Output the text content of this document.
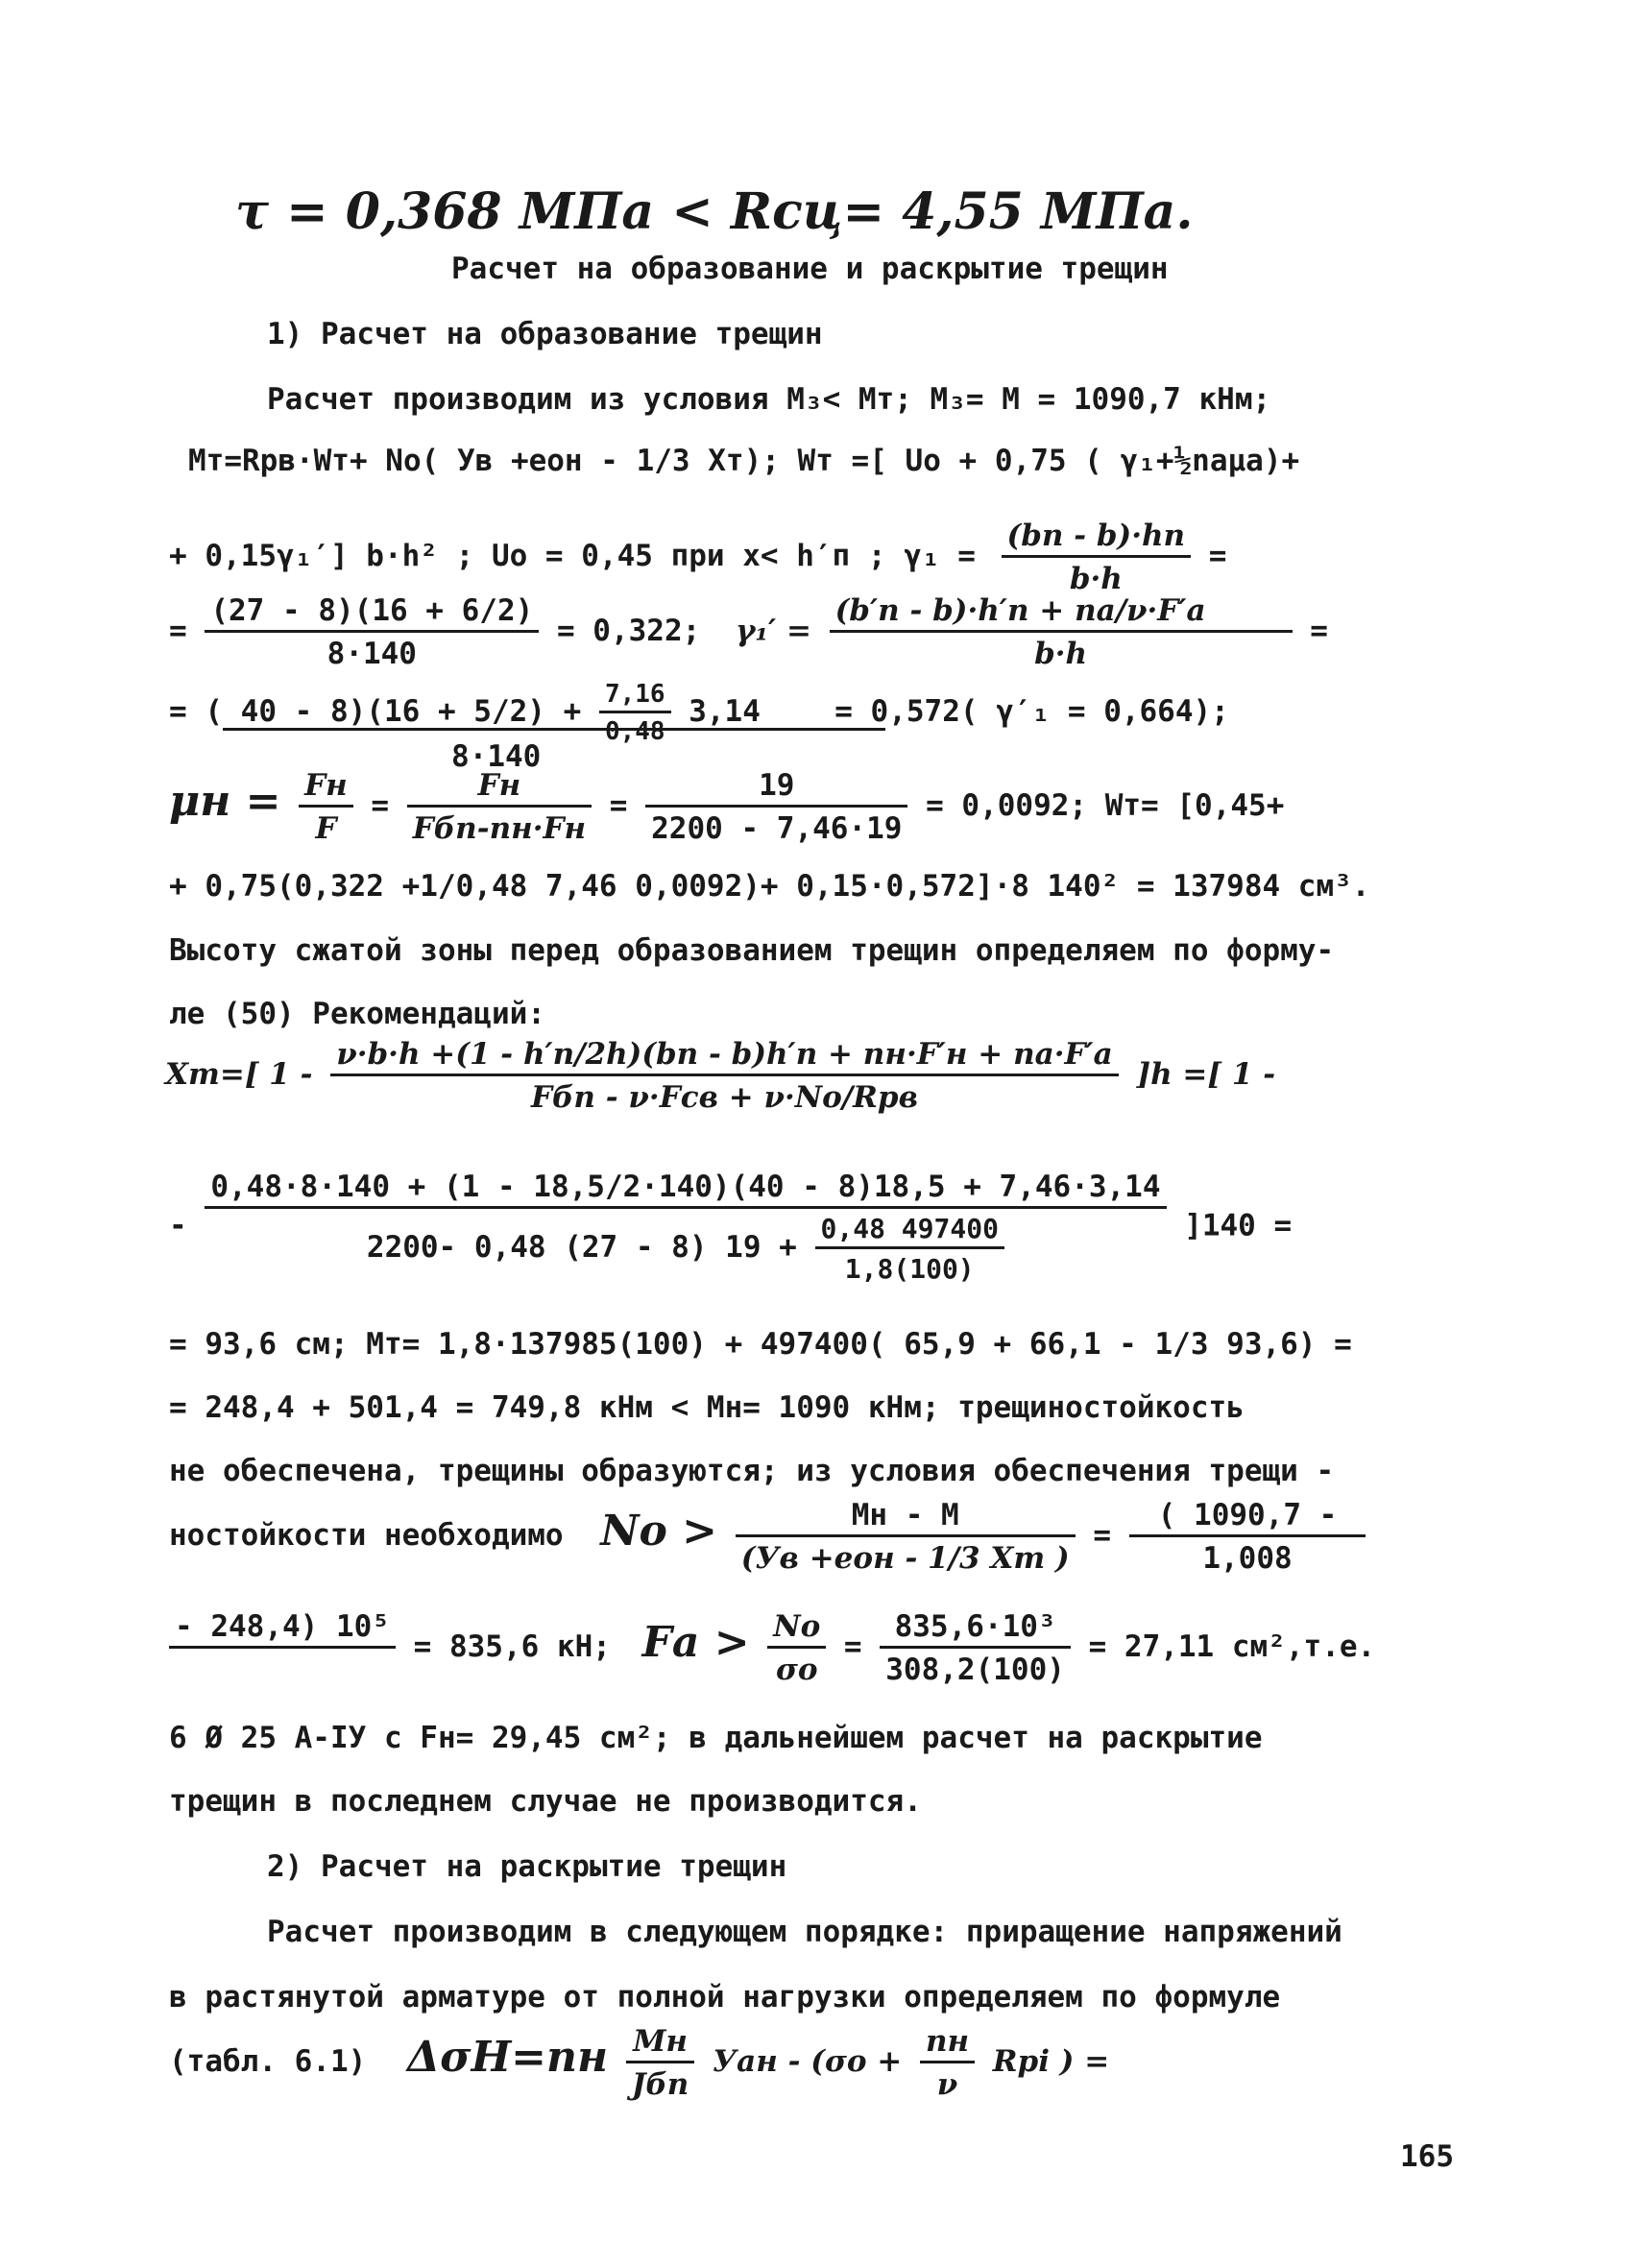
τ = 0,368 МПа < Rсц= 4,55 МПа.
Расчет на образование и раскрытие трещин
1) Расчет на образование трещин
Расчет производим из условия М₃< Мт; М₃= М = 1090,7 кНм;
Мт=Rрв·Wт+ Nо( Ув +eон - 1/3 Хт); Wт =[ Uо + 0,75 ( γ₁+½nаμа)+
+ 0,15γ₁′] b·h² ; Uо = 0,45 при x< h′п ; $\gamma_1 = \frac{(bп - b)\cdot hп}{b\cdot h}$ =
= $\frac{(27 - 8)(16 + 6/2)}{8\cdot 140} = 0,322$; $\gamma_1' = \frac{(b'п - b)\cdot h'п + nа/\nu\cdot F'а}{b\cdot h}$ =
= ( $40 - 8)(16 + 5/2) + \frac{7,16}{0,48} 3,14 = 0,572$( γ′₁ = 0,664);
8·140
$\mu н = \frac{Fн}{F} = \frac{Fн}{\text{Fбп-nн·Fн}} = \frac{19}{2200 - 7,46\cdot 19} = 0,0092$; Wт= [0,45+
+ 0,75(0,322 +1/0,48 7,46 0,0092)+ 0,15·0,572]·8 140² = 137984 см³.
Высоту сжатой зоны перед образованием трещин определяем по форму-
ле (50) Рекомендаций:
Хт=[ $1 - \frac{\nu\cdot b\cdot h +(1 - h'п/2h)(bп - b)h'п + nн\cdot F'н + nа\cdot F'а}{\text{Fбп - ν·Fсв + ν·Nо/Rрв}} ]h$ =[ 1 -
-
0,48·8·140 + (1 - 18,5/2·140)(40 - 8)18,5 + 7,46·3,14
2200- 0,48 (27 - 8) $19 + \frac{0,48 497400}{1,8(100)}$	]140 =
= 93,6 см; Мт= 1,8·137985(100) + 497400( 65,9 + 66,1 - 1/3 93,6) =
= 248,4 + 501,4 = 749,8 кНм < Мн= 1090 кНм; трещиностойкость
не обеспечена, трещины образуются; из условия обеспечения трещи -
ностойкости необходимо Nо > $\frac{Мн - М}{\text{(Ув +eон - 1/3 Хт )}} = \frac{( 1090,7 -}{1,008}$
- 248,4) 10⁵

= 835,6 кН; Fа > $\frac{Nо}{\sigma о} = \frac{\text{835,6·10³}}{308,2(100)} = 27,11$ см²,т.е.
6 Ø 25 А-IУ с Fн= 29,45 см²; в дальнейшем расчет на раскрытие
трещин в последнем случае не производится.
2) Расчет на раскрытие трещин
Расчет производим в следующем порядке: приращение напряжений
в растянутой арматуре от полной нагрузки определяем по формуле
(табл. 6.1) $\Delta\sigma Н=nн \frac{Мн}{\text{Jбп}}$ Уан - ($\sigma о + \frac{nн}{\nu}$ Rрi ) =
165
